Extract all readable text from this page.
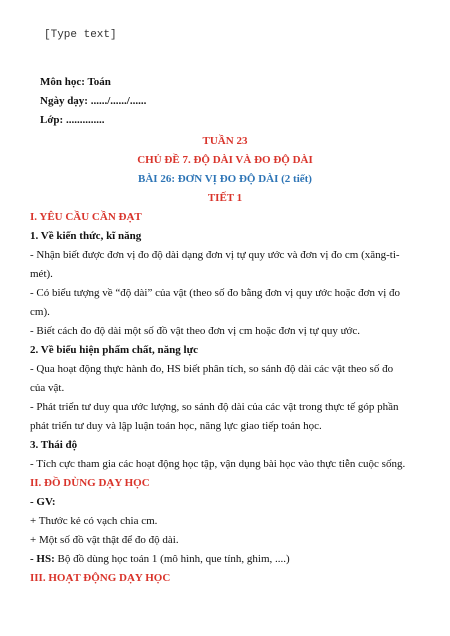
[Type text]
Môn học: Toán
Ngày dạy: ....../....../......
Lớp: ..............
TUẦN 23
CHỦ ĐỀ 7. ĐỘ DÀI VÀ ĐO ĐỘ DÀI
BÀI 26: ĐƠN VỊ ĐO ĐỘ DÀI (2 tiết)
TIẾT 1
I. YÊU CẦU CẦN ĐẠT
1. Về kiến thức, kĩ năng
- Nhận biết được đơn vị đo độ dài dạng đơn vị tự quy ước và đơn vị đo cm (xăng-ti-
mét).
- Có biểu tượng về “độ dài” của vật (theo số đo bằng đơn vị quy ước hoặc đơn vị đo
cm).
- Biết cách đo độ dài một số đồ vật theo đơn vị cm hoặc đơn vị tự quy ước.
2. Về biểu hiện phẩm chất, năng lực
- Qua hoạt động thực hành đo, HS biết phân tích, so sánh độ dài các vật theo số đo
của vật.
- Phát triển tư duy qua ước lượng, so sánh độ dài của các vật trong thực tế góp phần
phát triển tư duy và lập luận toán học, năng lực giao tiếp toán học.
3. Thái độ
- Tích cực tham gia các hoạt động học tập, vận dụng bài học vào thực tiễn cuộc sống.
II. ĐỒ DÙNG DẠY HỌC
- GV:
+ Thước kẻ có vạch chia cm.
+ Một số đồ vật thật để đo độ dài.
- HS: Bộ đồ dùng học toán 1 (mô hình, que tính, ghim, ....)
III. HOẠT ĐỘNG DẠY HỌC
